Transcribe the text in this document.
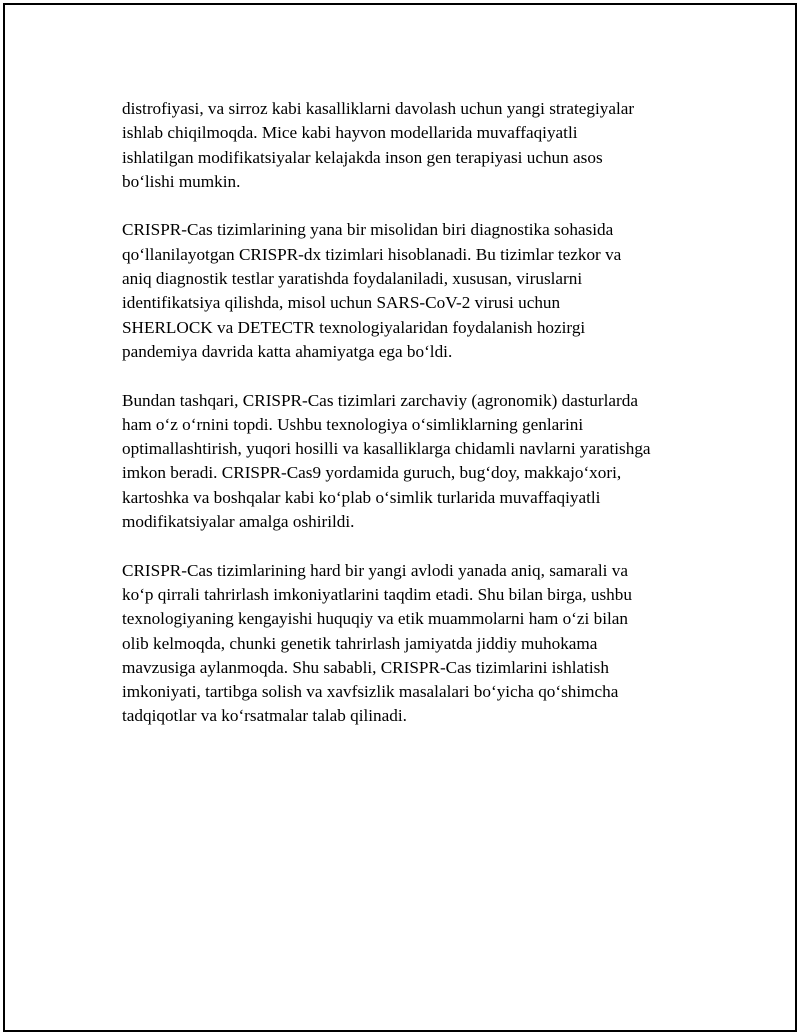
distrofiyasi, va sirroz kabi kasalliklarni davolash uchun yangi strategiyalar
ishlab chiqilmoqda. Mice kabi hayvon modellarida muvaffaqiyatli
ishlatilgan modifikatsiyalar kelajakda inson gen terapiyasi uchun asos
bo‘lishi mumkin.

CRISPR-Cas tizimlarining yana bir misolidan biri diagnostika sohasida
qo‘llanilayotgan CRISPR-dx tizimlari hisoblanadi. Bu tizimlar tezkor va
aniq diagnostik testlar yaratishda foydalaniladi, xususan, viruslarni
identifikatsiya qilishda, misol uchun SARS-CoV-2 virusi uchun
SHERLOCK va DETECTR texnologiyalaridan foydalanish hozirgi
pandemiya davrida katta ahamiyatga ega bo‘ldi.

Bundan tashqari, CRISPR-Cas tizimlari zarchaviy (agronomik) dasturlarda
ham o‘z o‘rnini topdi. Ushbu texnologiya o‘simliklarning genlarini
optimallashtirish, yuqori hosilli va kasalliklarga chidamli navlarni yaratishga
imkon beradi. CRISPR-Cas9 yordamida guruch, bug‘doy, makkajo‘xori,
kartoshka va boshqalar kabi ko‘plab o‘simlik turlarida muvaffaqiyatli
modifikatsiyalar amalga oshirildi.

CRISPR-Cas tizimlarining hard bir yangi avlodi yanada aniq, samarali va
ko‘p qirrali tahrirlash imkoniyatlarini taqdim etadi. Shu bilan birga, ushbu
texnologiyaning kengayishi huquqiy va etik muammolarni ham o‘zi bilan
olib kelmoqda, chunki genetik tahrirlash jamiyatda jiddiy muhokama
mavzusiga aylanmoqda. Shu sababli, CRISPR-Cas tizimlarini ishlatish
imkoniyati, tartibga solish va xavfsizlik masalalari bo‘yicha qo‘shimcha
tadqiqotlar va ko‘rsatmalar talab qilinadi.
